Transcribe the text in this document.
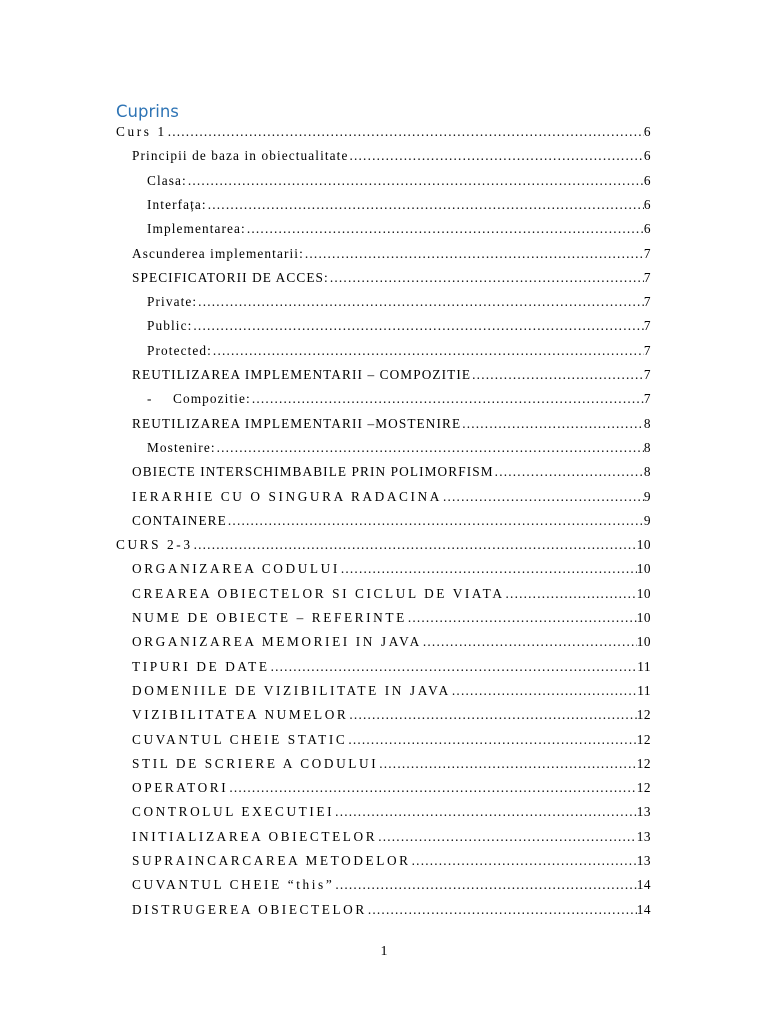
Cuprins
Curs 1 .....	6
Principii de baza in obiectualitate .....	6
Clasa: .....	6
Interfața: .....	6
Implementarea: .....	6
Ascunderea implementarii: .....	7
SPECIFICATORII DE ACCES: .....	7
Private: .....	7
Public: .....	7
Protected: .....	7
REUTILIZAREA IMPLEMENTARII – COMPOZITIE .....	7
- Compozitie: .....	7
REUTILIZAREA IMPLEMENTARII –MOSTENIRE .....	8
Mostenire: .....	8
OBIECTE INTERSCHIMBABILE PRIN POLIMORFISM .....	8
IERARHIE CU O SINGURA RADACINA .....	9
CONTAINERE .....	9
CURS 2-3 .....	10
ORGANIZAREA CODULUI .....	10
CREAREA OBIECTELOR SI CICLUL DE VIATA .....	10
NUME DE OBIECTE – REFERINTE .....	10
ORGANIZAREA MEMORIEI IN JAVA .....	10
TIPURI DE DATE .....	11
DOMENIILE DE VIZIBILITATE IN JAVA .....	11
VIZIBILITATEA NUMELOR .....	12
CUVANTUL CHEIE STATIC .....	12
STIL DE SCRIERE A CODULUI .....	12
OPERATORI .....	12
CONTROLUL EXECUTIEI .....	13
INITIALIZAREA OBIECTELOR .....	13
SUPRAINCARCAREA METODELOR .....	13
CUVANTUL CHEIE “this” .....	14
DISTRUGEREA OBIECTELOR .....	14
1
